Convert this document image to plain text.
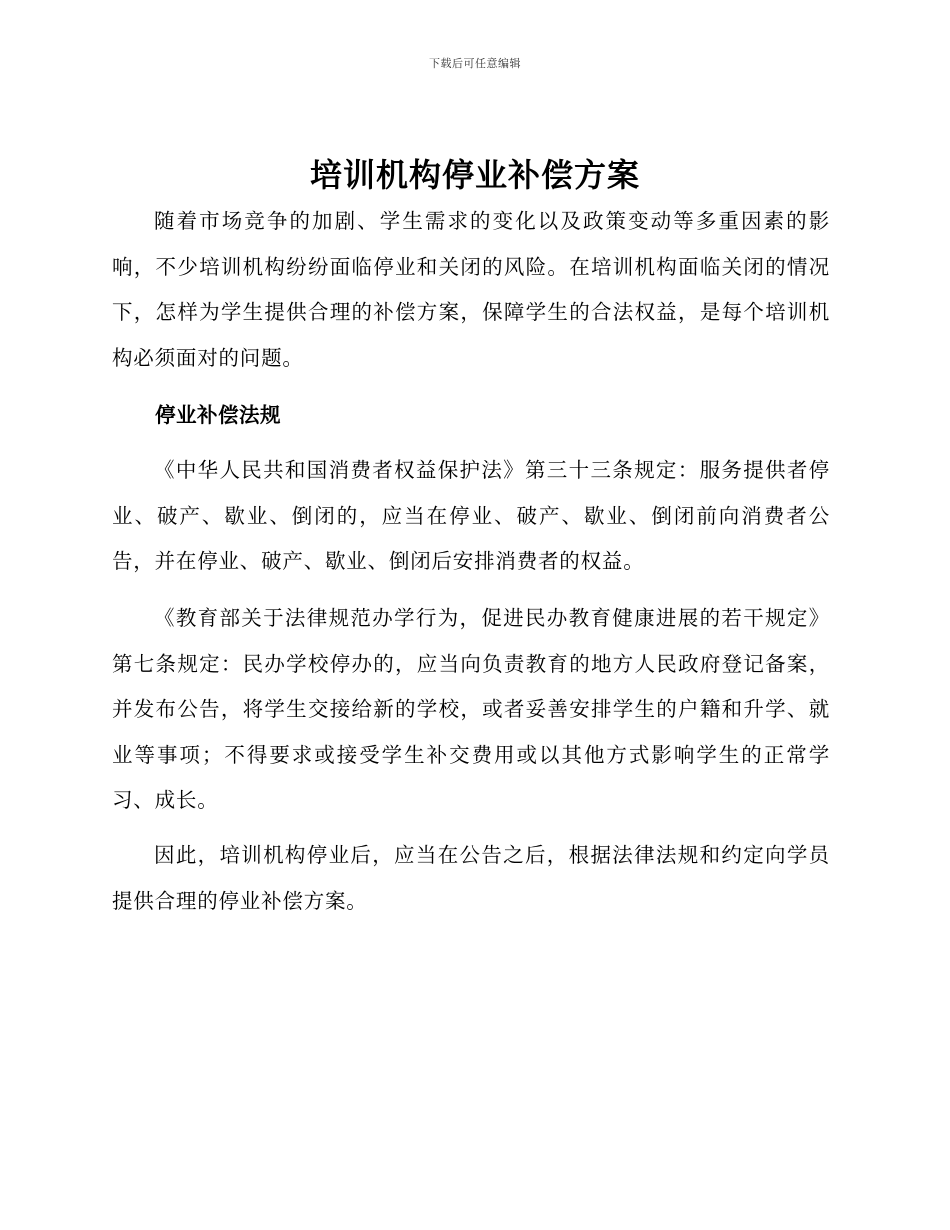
下载后可任意编辑
培训机构停业补偿方案

随着市场竞争的加剧、学生需求的变化以及政策变动等多重因素的影响，不少培训机构纷纷面临停业和关闭的风险。在培训机构面临关闭的情况下，怎样为学生提供合理的补偿方案，保障学生的合法权益，是每个培训机构必须面对的问题。

停业补偿法规

《中华人民共和国消费者权益保护法》第三十三条规定：服务提供者停业、破产、歇业、倒闭的，应当在停业、破产、歇业、倒闭前向消费者公告，并在停业、破产、歇业、倒闭后安排消费者的权益。

《教育部关于法律规范办学行为，促进民办教育健康进展的若干规定》第七条规定：民办学校停办的，应当向负责教育的地方人民政府登记备案，并发布公告，将学生交接给新的学校，或者妥善安排学生的户籍和升学、就业等事项；不得要求或接受学生补交费用或以其他方式影响学生的正常学习、成长。

因此，培训机构停业后，应当在公告之后，根据法律法规和约定向学员提供合理的停业补偿方案。
